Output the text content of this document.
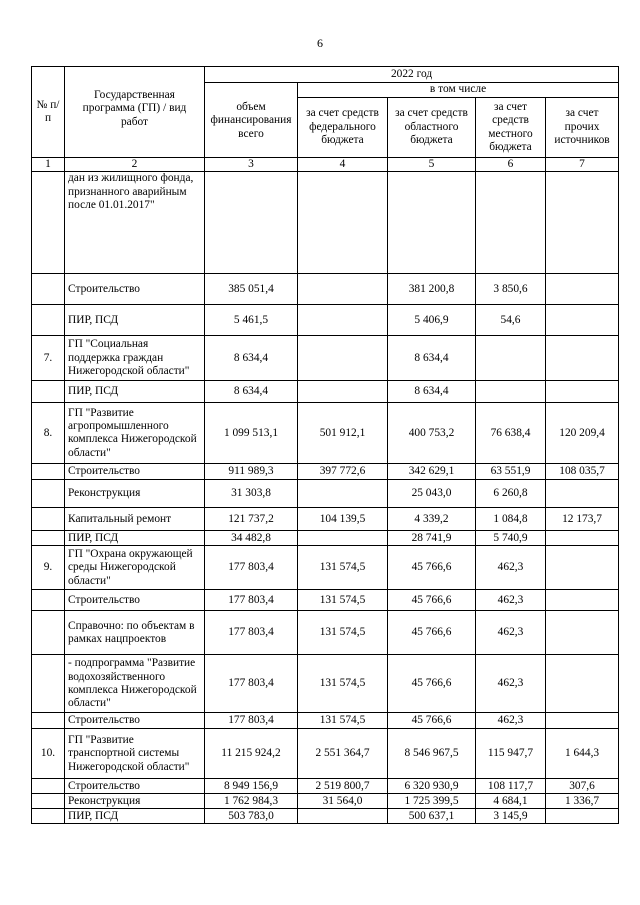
6
№ п/п	Государственная программа (ГП) / вид работ	2022 год				
		объем финансирования всего	в том числе			
			за счет средств федерального бюджета	за счет средств областного бюджета	за счет средств местного бюджета	за счет прочих источников
1	2	3	4	5	6	7
	дан из жилищного фонда, признанного аварийным после 01.01.2017"					
	Строительство	385 051,4		381 200,8	3 850,6	
	ПИР, ПСД	5 461,5		5 406,9	54,6	
7.	ГП "Социальная поддержка граждан Нижегородской области"	8 634,4		8 634,4		
	ПИР, ПСД	8 634,4		8 634,4		
8.	ГП "Развитие агропромышленного комплекса Нижегородской области"	1 099 513,1	501 912,1	400 753,2	76 638,4	120 209,4
	Строительство	911 989,3	397 772,6	342 629,1	63 551,9	108 035,7
	Реконструкция	31 303,8		25 043,0	6 260,8	
	Капитальный ремонт	121 737,2	104 139,5	4 339,2	1 084,8	12 173,7
	ПИР, ПСД	34 482,8		28 741,9	5 740,9	
9.	ГП "Охрана окружающей среды Нижегородской области"	177 803,4	131 574,5	45 766,6	462,3	
	Строительство	177 803,4	131 574,5	45 766,6	462,3	
	Справочно: по объектам в рамках нацпроектов	177 803,4	131 574,5	45 766,6	462,3	
	- подпрограмма "Развитие водохозяйственного комплекса Нижегородской области"	177 803,4	131 574,5	45 766,6	462,3	
	Строительство	177 803,4	131 574,5	45 766,6	462,3	
10.	ГП "Развитие транспортной системы Нижегородской области"	11 215 924,2	2 551 364,7	8 546 967,5	115 947,7	1 644,3
	Строительство	8 949 156,9	2 519 800,7	6 320 930,9	108 117,7	307,6
	Реконструкция	1 762 984,3	31 564,0	1 725 399,5	4 684,1	1 336,7
	ПИР, ПСД	503 783,0		500 637,1	3 145,9	
